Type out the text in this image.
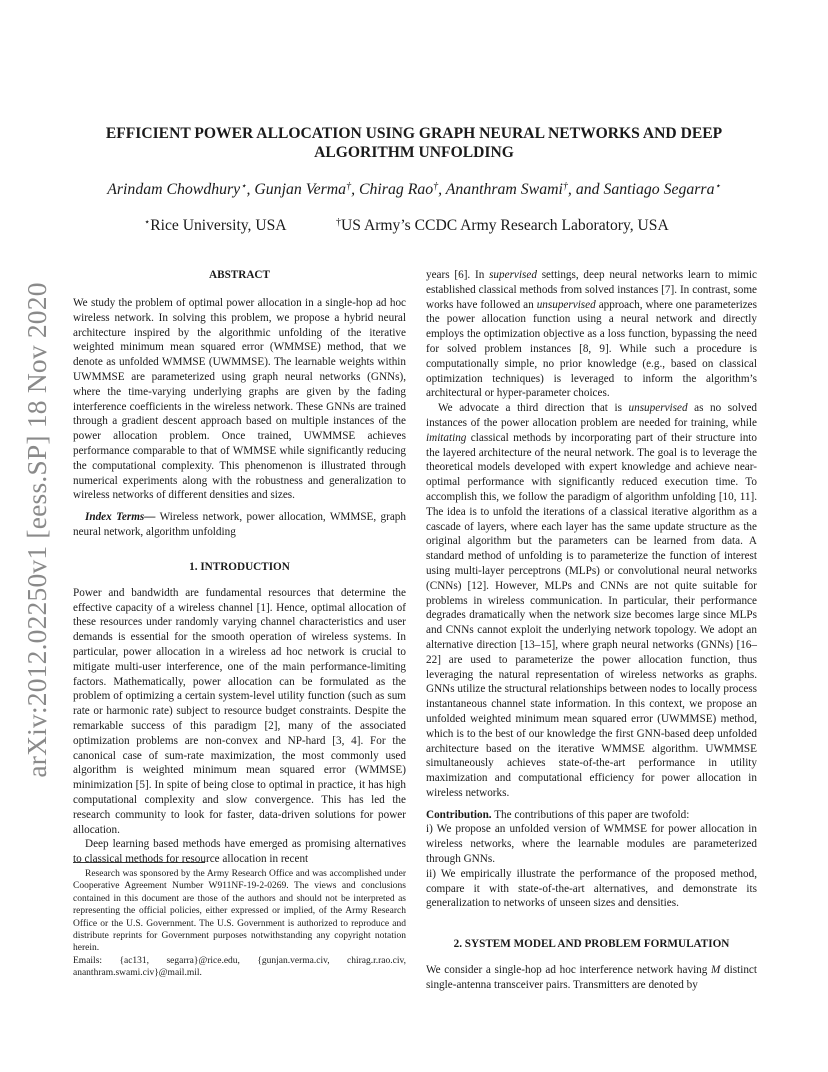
arXiv:2012.02250v1 [eess.SP] 18 Nov 2020
EFFICIENT POWER ALLOCATION USING GRAPH NEURAL NETWORKS AND DEEP ALGORITHM UNFOLDING
Arindam Chowdhury⋆, Gunjan Verma†, Chirag Rao†, Ananthram Swami†, and Santiago Segarra⋆
⋆Rice University, USA	†US Army’s CCDC Army Research Laboratory, USA
ABSTRACT

We study the problem of optimal power allocation in a single-hop ad hoc wireless network. In solving this problem, we propose a hybrid neural architecture inspired by the algorithmic unfolding of the iterative weighted minimum mean squared error (WMMSE) method, that we denote as unfolded WMMSE (UWMMSE). The learnable weights within UWMMSE are parameterized using graph neural networks (GNNs), where the time-varying underlying graphs are given by the fading interference coefficients in the wireless network. These GNNs are trained through a gradient descent approach based on multiple instances of the power allocation problem. Once trained, UWMMSE achieves performance comparable to that of WMMSE while significantly reducing the computational complexity. This phenomenon is illustrated through numerical experiments along with the robustness and generalization to wireless networks of different densities and sizes.

Index Terms— Wireless network, power allocation, WMMSE, graph neural network, algorithm unfolding

1. INTRODUCTION

Power and bandwidth are fundamental resources that determine the effective capacity of a wireless channel [1]. Hence, optimal allocation of these resources under randomly varying channel characteristics and user demands is essential for the smooth operation of wireless systems. In particular, power allocation in a wireless ad hoc network is crucial to mitigate multi-user interference, one of the main performance-limiting factors. Mathematically, power allocation can be formulated as the problem of optimizing a certain system-level utility function (such as sum rate or harmonic rate) subject to resource budget constraints. Despite the remarkable success of this paradigm [2], many of the associated optimization problems are non-convex and NP-hard [3, 4]. For the canonical case of sum-rate maximization, the most commonly used algorithm is weighted minimum mean squared error (WMMSE) minimization [5]. In spite of being close to optimal in practice, it has high computational complexity and slow convergence. This has led the research community to look for faster, data-driven solutions for power allocation.

Deep learning based methods have emerged as promising alternatives to classical methods for resource allocation in recent

Research was sponsored by the Army Research Office and was accomplished under Cooperative Agreement Number W911NF-19-2-0269. The views and conclusions contained in this document are those of the authors and should not be interpreted as representing the official policies, either expressed or implied, of the Army Research Office or the U.S. Government. The U.S. Government is authorized to reproduce and distribute reprints for Government purposes notwithstanding any copyright notation herein.

Emails: {ac131, segarra}@rice.edu, {gunjan.verma.civ, chirag.r.rao.civ, ananthram.swami.civ}@mail.mil.

years [6]. In supervised settings, deep neural networks learn to mimic established classical methods from solved instances [7]. In contrast, some works have followed an unsupervised approach, where one parameterizes the power allocation function using a neural network and directly employs the optimization objective as a loss function, bypassing the need for solved problem instances [8, 9]. While such a procedure is computationally simple, no prior knowledge (e.g., based on classical optimization techniques) is leveraged to inform the algorithm’s architectural or hyper-parameter choices.

We advocate a third direction that is unsupervised as no solved instances of the power allocation problem are needed for training, while imitating classical methods by incorporating part of their structure into the layered architecture of the neural network. The goal is to leverage the theoretical models developed with expert knowledge and achieve near-optimal performance with significantly reduced execution time. To accomplish this, we follow the paradigm of algorithm unfolding [10, 11]. The idea is to unfold the iterations of a classical iterative algorithm as a cascade of layers, where each layer has the same update structure as the original algorithm but the parameters can be learned from data. A standard method of unfolding is to parameterize the function of interest using multi-layer perceptrons (MLPs) or convolutional neural networks (CNNs) [12]. However, MLPs and CNNs are not quite suitable for problems in wireless communication. In particular, their performance degrades dramatically when the network size becomes large since MLPs and CNNs cannot exploit the underlying network topology. We adopt an alternative direction [13–15], where graph neural networks (GNNs) [16–22] are used to parameterize the power allocation function, thus leveraging the natural representation of wireless networks as graphs. GNNs utilize the structural relationships between nodes to locally process instantaneous channel state information. In this context, we propose an unfolded weighted minimum mean squared error (UWMMSE) method, which is to the best of our knowledge the first GNN-based deep unfolded architecture based on the iterative WMMSE algorithm. UWMMSE simultaneously achieves state-of-the-art performance in utility maximization and computational efficiency for power allocation in wireless networks.

Contribution. The contributions of this paper are twofold:

i) We propose an unfolded version of WMMSE for power allocation in wireless networks, where the learnable modules are parameterized through GNNs.

ii) We empirically illustrate the performance of the proposed method, compare it with state-of-the-art alternatives, and demonstrate its generalization to networks of unseen sizes and densities.

2. SYSTEM MODEL AND PROBLEM FORMULATION

We consider a single-hop ad hoc interference network having M distinct single-antenna transceiver pairs. Transmitters are denoted by
